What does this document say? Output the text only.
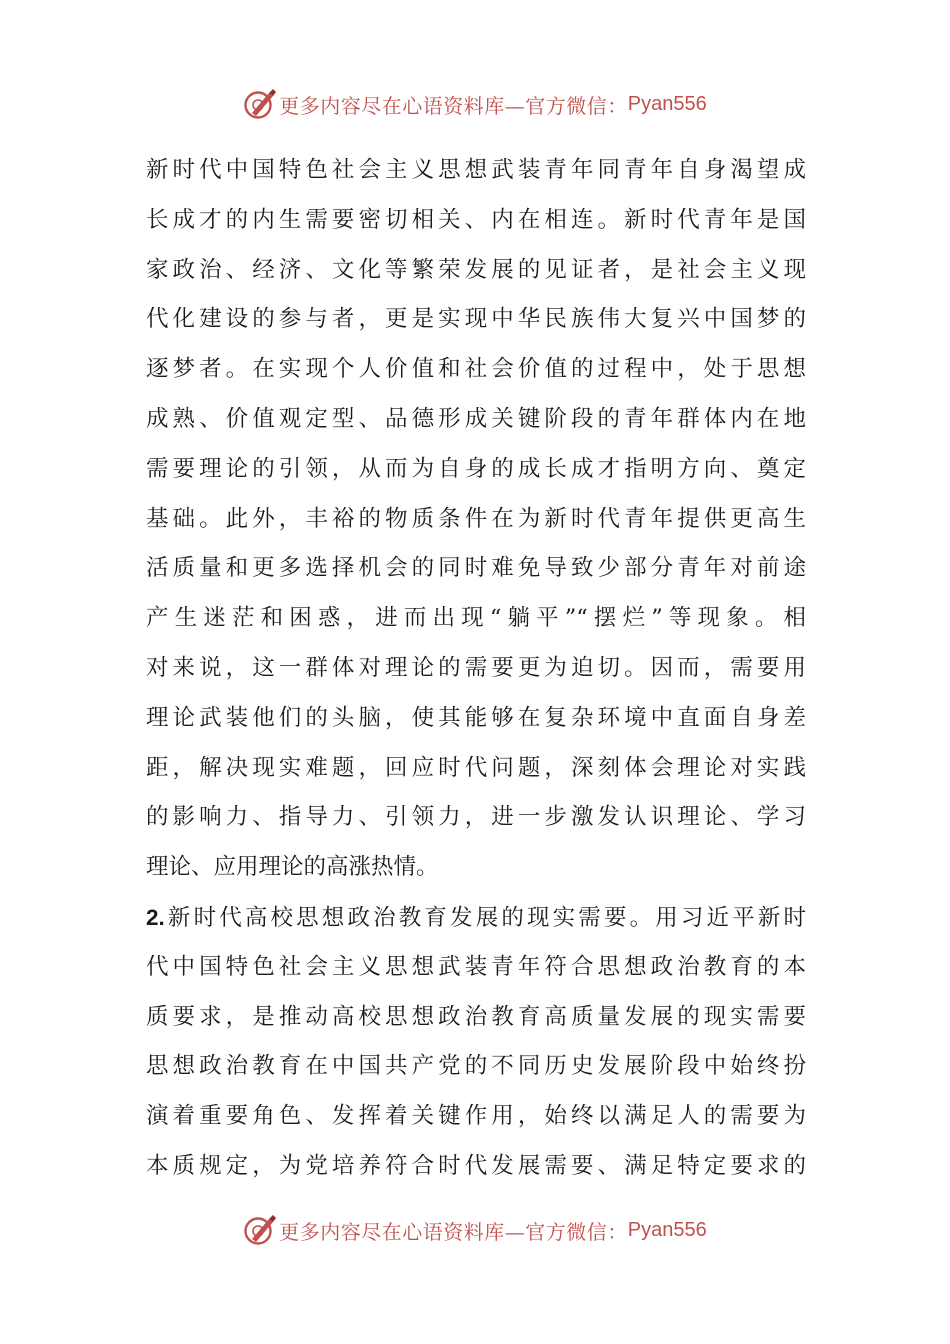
更多内容尽在心语资料库—官方微信： Pyan556
新时代中国特色社会主义思想武装青年同青年自身渴望成
长成才的内生需要密切相关、内在相连。新时代青年是国
家政治、经济、文化等繁荣发展的见证者，是社会主义现
代化建设的参与者，更是实现中华民族伟大复兴中国梦的
逐梦者。在实现个人价值和社会价值的过程中，处于思想
成熟、价值观定型、品德形成关键阶段的青年群体内在地
需要理论的引领，从而为自身的成长成才指明方向、奠定
基础。此外，丰裕的物质条件在为新时代青年提供更高生
活质量和更多选择机会的同时难免导致少部分青年对前途
产生迷茫和困惑，进而出现“躺平”“摆烂”等现象。相
对来说，这一群体对理论的需要更为迫切。因而，需要用
理论武装他们的头脑，使其能够在复杂环境中直面自身差
距，解决现实难题，回应时代问题，深刻体会理论对实践
的影响力、指导力、引领力，进一步激发认识理论、学习
理论、应用理论的高涨热情。
2.新时代高校思想政治教育发展的现实需要。用习近平新时
代中国特色社会主义思想武装青年符合思想政治教育的本
质要求，是推动高校思想政治教育高质量发展的现实需要
思想政治教育在中国共产党的不同历史发展阶段中始终扮
演着重要角色、发挥着关键作用，始终以满足人的需要为
本质规定，为党培养符合时代发展需要、满足特定要求的
更多内容尽在心语资料库—官方微信： Pyan556
